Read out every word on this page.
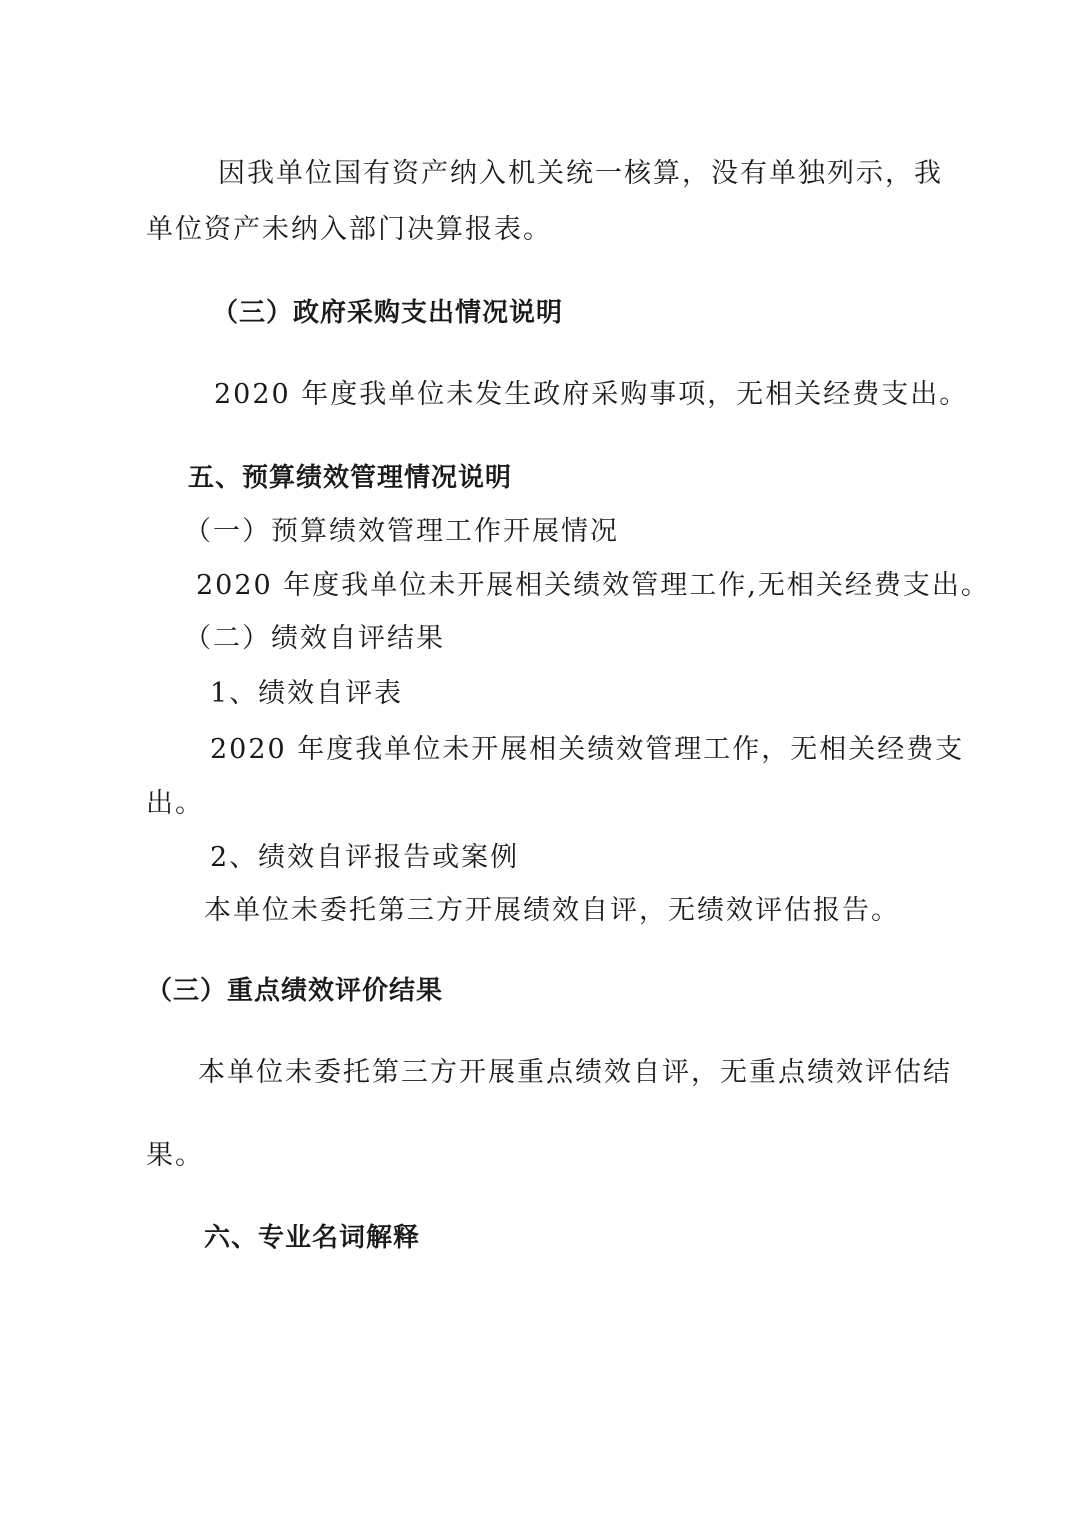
因我单位国有资产纳入机关统一核算，没有单独列示，我
单位资产未纳入部门决算报表。
（三）政府采购支出情况说明
2020 年度我单位未发生政府采购事项，无相关经费支出。
五、预算绩效管理情况说明
（一）预算绩效管理工作开展情况
2020 年度我单位未开展相关绩效管理工作,无相关经费支出。
（二）绩效自评结果
1、绩效自评表
2020 年度我单位未开展相关绩效管理工作，无相关经费支
出。
2、绩效自评报告或案例
本单位未委托第三方开展绩效自评，无绩效评估报告。
（三）重点绩效评价结果
本单位未委托第三方开展重点绩效自评，无重点绩效评估结
果。
六、专业名词解释
